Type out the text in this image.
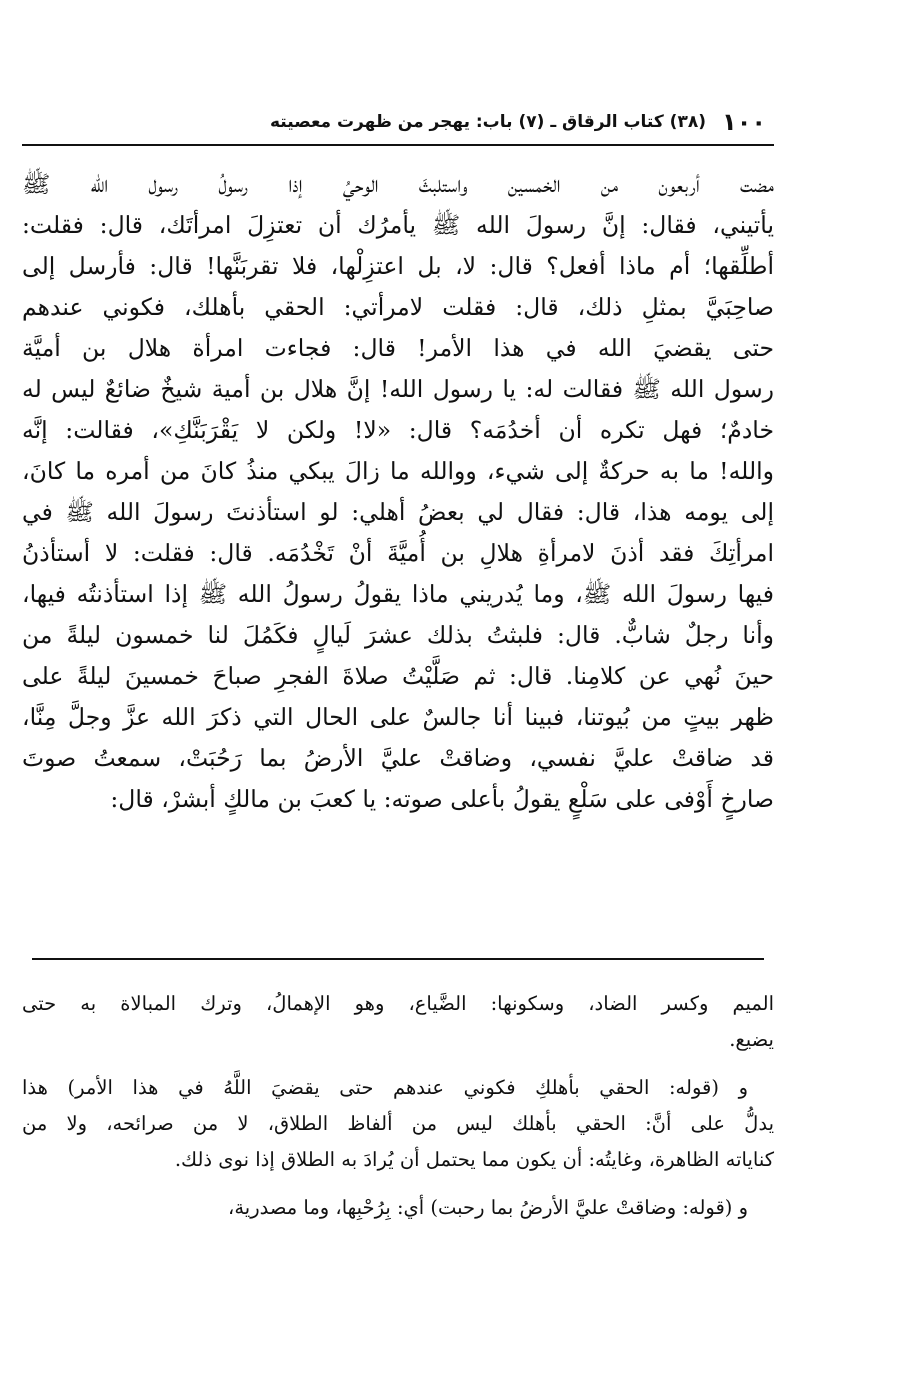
١٠٠
(٣٨) كتاب الرقاق ـ (٧) باب: يهجر من ظهرت معصيته
مضت أربعون من الخمسين واستلبثَ الوحيُ إذا رسولُ رسول الله ﷺ
يأتيني، فقال: إنَّ رسولَ الله ﷺ يأمرُك أن تعتزِلَ امرأتَك، قال: فقلت:
أطلِّقها؛ أم ماذا أفعل؟ قال: لا، بل اعتزِلْها، فلا تقربَنَّها! قال: فأرسل إلى
صاحِبَيَّ بمثلِ ذلك، قال: فقلت لامرأتي: الحقي بأهلك، فكوني عندهم
حتى يقضيَ الله في هذا الأمر! قال: فجاءت امرأة هلال بن أميَّة
رسول الله ﷺ فقالت له: يا رسول الله! إنَّ هلال بن أمية شيخٌ ضائعٌ ليس له
خادمٌ؛ فهل تكره أن أخدُمَه؟ قال: «لا! ولكن لا يَقْرَبَنَّكِ»، فقالت: إنَّه
والله! ما به حركةٌ إلى شيء، ووالله ما زالَ يبكي منذُ كانَ من أمره ما كانَ،
إلى يومه هذا، قال: فقال لي بعضُ أهلي: لو استأذنتَ رسولَ الله ﷺ في
امرأتِكَ فقد أذنَ لامرأةِ هلالِ بن أُميَّةَ أنْ تَخْدُمَه. قال: فقلت: لا أستأذنُ
فيها رسولَ الله ﷺ، وما يُدريني ماذا يقولُ رسولُ الله ﷺ إذا استأذنتُه فيها،
وأنا رجلٌ شابٌّ. قال: فلبثتُ بذلك عشرَ لَيالٍ فكَمُلَ لنا خمسون ليلةً من
حينَ نُهي عن كلامِنا. قال: ثم صَلَّيْتُ صلاةَ الفجرِ صباحَ خمسينَ ليلةً على
ظهر بيتٍ من بُيوتنا، فبينا أنا جالسٌ على الحال التي ذكرَ الله عزَّ وجلَّ مِنَّا،
قد ضاقتْ عليَّ نفسي، وضاقتْ عليَّ الأرضُ بما رَحُبَتْ، سمعتُ صوتَ
صارخٍ أَوْفى على سَلْعٍ يقولُ بأعلى صوته: يا كعبَ بن مالكٍ أبشرْ، قال:
الميم وكسر الضاد، وسكونها: الضَّياع، وهو الإهمالُ، وترك المبالاة به حتى
يضيع.
و (قوله: الحقي بأهلكِ فكوني عندهم حتى يقضيَ اللَّهُ في هذا الأمر) هذا
يدلُّ على أنَّ: الحقي بأهلك ليس من ألفاظ الطلاق، لا من صرائحه، ولا من
كناياته الظاهرة، وغايتُه: أن يكون مما يحتمل أن يُرادَ به الطلاق إذا نوى ذلك.
و (قوله: وضاقتْ عليَّ الأرضُ بما رحبت) أي: بِرُحْبِها، وما مصدرية،
